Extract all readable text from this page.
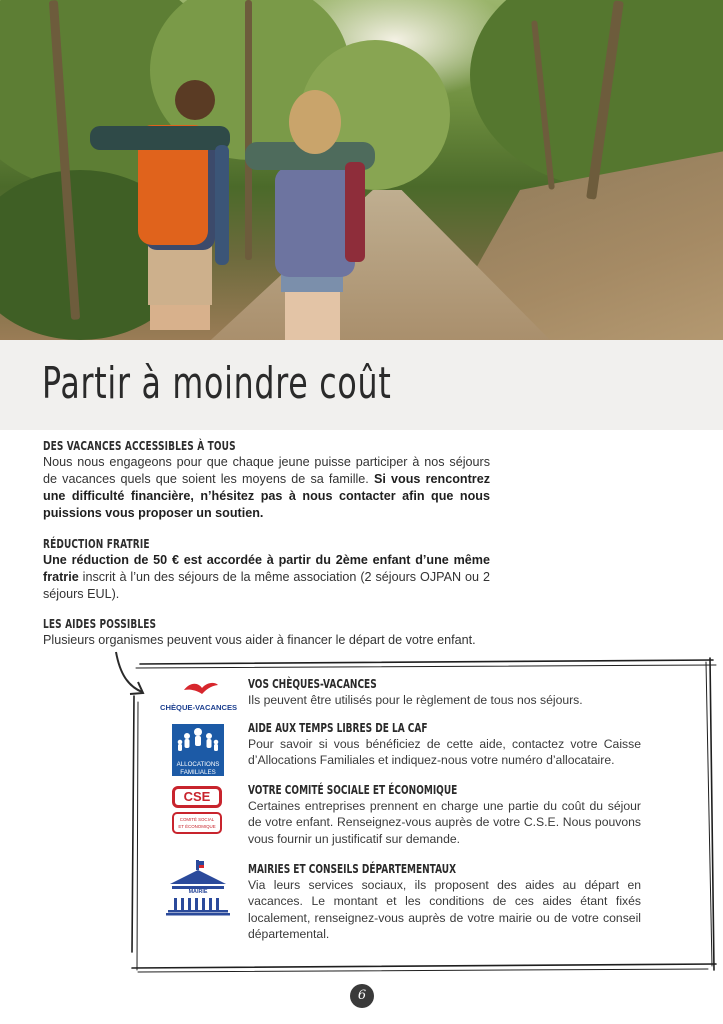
Partir à moindre coût
DES VACANCES ACCESSIBLES À TOUS

Nous nous engageons pour que chaque jeune puisse participer à nos séjours de vacances quels que soient les moyens de sa famille. Si vous rencontrez une difficulté financière, n’hésitez pas à nous contacter afin que nous puissions vous proposer un soutien.

RÉDUCTION FRATRIE

Une réduction de 50 € est accordée à partir du 2ème enfant d’une même fratrie inscrit à l’un des séjours de la même association (2 séjours OJPAN ou 2 séjours EUL).

LES AIDES POSSIBLES

Plusieurs organismes peuvent vous aider à financer le départ de votre enfant.

CHÈQUE-VACANCES
VOS CHÈQUES-VACANCES
Ils peuvent être utilisés pour le règlement de tous nos séjours.
ALLOCATIONS
FAMILIALES
AIDE AUX TEMPS LIBRES DE LA CAF
Pour savoir si vous bénéficiez de cette aide, contactez votre Caisse d’Allocations Familiales et indiquez-nous votre numéro d’allocataire.
CSE
COMITÉ SOCIAL
ET ÉCONOMIQUE
VOTRE COMITÉ SOCIALE ET ÉCONOMIQUE
Certaines entreprises prennent en charge une partie du coût du séjour de votre enfant. Renseignez-vous auprès de votre C.S.E. Nous pouvons vous fournir un justificatif sur demande.
MAIRIE
MAIRIES ET CONSEILS DÉPARTEMENTAUX
Via leurs services sociaux, ils proposent des aides au départ en vacances. Le montant et les conditions de ces aides étant fixés localement, renseignez-vous auprès de votre mairie ou de votre conseil départemental.
6
